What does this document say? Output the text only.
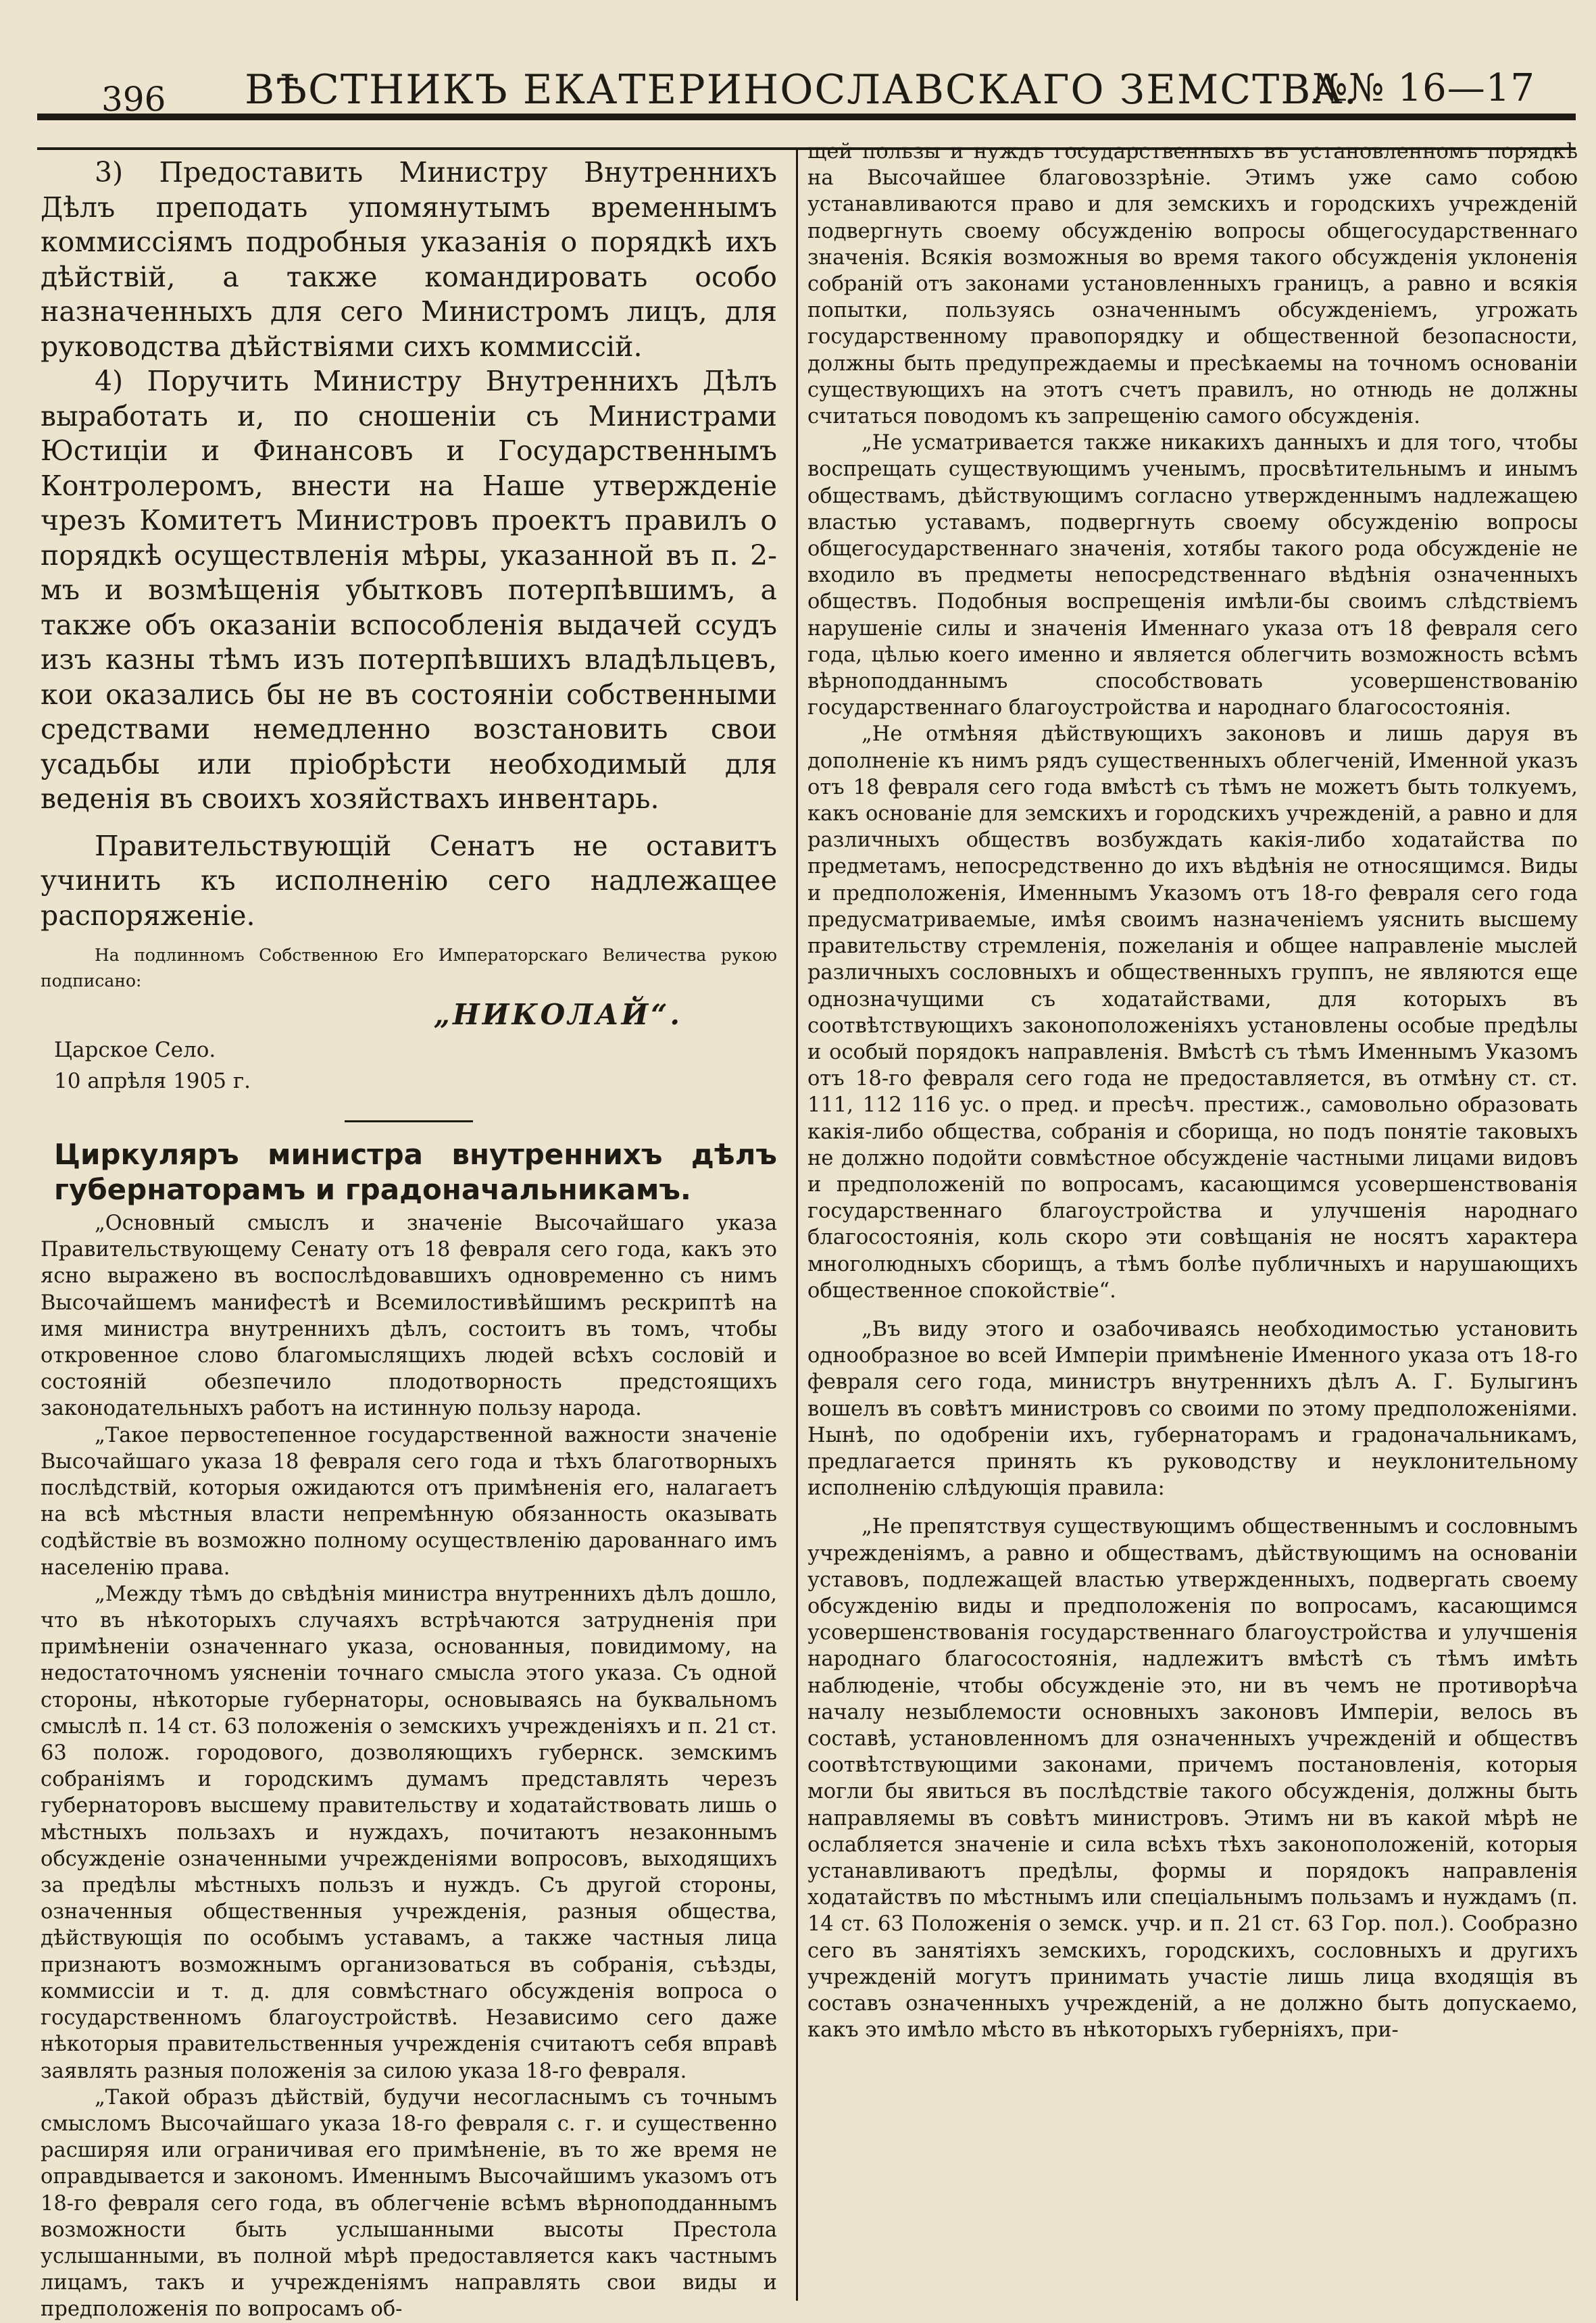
396	ВѢСТНИКЪ ЕКАТЕРИНОСЛАВСКАГО ЗЕМСТВА.
№№ 16—17

3) Предоставить Министру Внутреннихъ Дѣлъ преподать упомянутымъ временнымъ коммиссіямъ подробныя указанія о порядкѣ ихъ дѣйствій, а также командировать особо назначенныхъ для сего Министромъ лицъ, для руководства дѣйствіями сихъ коммиссій.

4) Поручить Министру Внутреннихъ Дѣлъ выработать и, по сношеніи съ Министрами Юстиціи и Финансовъ и Государственнымъ Контролеромъ, внести на Наше утвержденіе чрезъ Комитетъ Министровъ проектъ правилъ о порядкѣ осуществленія мѣры, указанной въ п. 2-мъ и возмѣщенія убытковъ потерпѣвшимъ, а также объ оказаніи вспособленія выдачей ссудъ изъ казны тѣмъ изъ потерпѣвшихъ владѣльцевъ, кои оказались бы не въ состояніи собственными средствами немедленно возстановить свои усадьбы или пріобрѣсти необходимый для веденія въ своихъ хозяйствахъ инвентарь.

Правительствующій Сенатъ не оставитъ учинить къ исполненію сего надлежащее распоряженіе.

На подлинномъ Собственною Его Императорскаго Величества рукою подписано:

„НИКОЛАЙ“.

Царское Село.

10 апрѣля 1905 г.

Циркуляръ министра внутреннихъ дѣлъ губернаторамъ и градоначальникамъ.

„Основный смыслъ и значеніе Высочайшаго указа Правительствующему Сенату отъ 18 февраля сего года, какъ это ясно выражено въ воспослѣдовавшихъ одновременно съ нимъ Высочайшемъ манифестѣ и Всемилостивѣйшимъ рескриптѣ на имя министра внутреннихъ дѣлъ, состоитъ въ томъ, чтобы откровенное слово благомыслящихъ людей всѣхъ сословій и состояній обезпечило плодотворность предстоящихъ законодательныхъ работъ на истинную пользу народа.

„Такое первостепенное государственной важности значеніе Высочайшаго указа 18 февраля сего года и тѣхъ благотворныхъ послѣдствій, которыя ожидаются отъ примѣненія его, налагаетъ на всѣ мѣстныя власти непремѣнную обязанность оказывать содѣйствіе въ возможно полному осуществленію дарованнаго имъ населенію права.

„Между тѣмъ до свѣдѣнія министра внутреннихъ дѣлъ дошло, что въ нѣкоторыхъ случаяхъ встрѣчаются затрудненія при примѣненіи означеннаго указа, основанныя, повидимому, на недостаточномъ уясненіи точнаго смысла этого указа. Съ одной стороны, нѣкоторые губернаторы, основываясь на буквальномъ смыслѣ п. 14 ст. 63 положенія о земскихъ учрежденіяхъ и п. 21 ст. 63 полож. городового, дозволяющихъ губернск. земскимъ собраніямъ и городскимъ думамъ представлять черезъ губернаторовъ высшему правительству и ходатайствовать лишь о мѣстныхъ пользахъ и нуждахъ, почитаютъ незаконнымъ обсужденіе означенными учрежденіями вопросовъ, выходящихъ за предѣлы мѣстныхъ пользъ и нуждъ. Съ другой стороны, означенныя общественныя учрежденія, разныя общества, дѣйствующія по особымъ уставамъ, а также частныя лица признаютъ возможнымъ организоваться въ собранія, съѣзды, коммиссіи и т. д. для совмѣстнаго обсужденія вопроса о государственномъ благоустройствѣ. Независимо сего даже нѣкоторыя правительственныя учрежденія считаютъ себя вправѣ заявлять разныя положенія за силою указа 18-го февраля.

„Такой образъ дѣйствій, будучи несогласнымъ съ точнымъ смысломъ Высочайшаго указа 18-го февраля с. г. и существенно расширяя или ограничивая его примѣненіе, въ то же время не оправдывается и закономъ. Именнымъ Высочайшимъ указомъ отъ 18-го февраля сего года, въ облегченіе всѣмъ вѣрноподданнымъ возможности быть услышанными высоты Престола услышанными, въ полной мѣрѣ предоставляется какъ частнымъ лицамъ, такъ и учрежденіямъ направлять свои виды и предположенія по вопросамъ об-

щей пользы и нуждъ государственныхъ въ установленномъ порядкѣ на Высочайшее благовоззрѣніе. Этимъ уже само собою устанавливаются право и для земскихъ и городскихъ учрежденій подвергнуть своему обсужденію вопросы общегосударственнаго значенія. Всякія возможныя во время такого обсужденія уклоненія собраній отъ законами установленныхъ границъ, а равно и всякія попытки, пользуясь означеннымъ обсужденіемъ, угрожать государственному правопорядку и общественной безопасности, должны быть предупреждаемы и пресѣкаемы на точномъ основаніи существующихъ на этотъ счетъ правилъ, но отнюдь не должны считаться поводомъ къ запрещенію самого обсужденія.

„Не усматривается также никакихъ данныхъ и для того, чтобы воспрещать существующимъ ученымъ, просвѣтительнымъ и инымъ обществамъ, дѣйствующимъ согласно утвержденнымъ надлежащею властью уставамъ, подвергнуть своему обсужденію вопросы общегосударственнаго значенія, хотябы такого рода обсужденіе не входило въ предметы непосредственнаго вѣдѣнія означенныхъ обществъ. Подобныя воспрещенія имѣли-бы своимъ слѣдствіемъ нарушеніе силы и значенія Именнаго указа отъ 18 февраля сего года, цѣлью коего именно и является облегчить возможность всѣмъ вѣрноподданнымъ способствовать усовершенствованію государственнаго благоустройства и народнаго благосостоянія.

„Не отмѣняя дѣйствующихъ законовъ и лишь даруя въ дополненіе къ нимъ рядъ существенныхъ облегченій, Именной указъ отъ 18 февраля сего года вмѣстѣ съ тѣмъ не можетъ быть толкуемъ, какъ основаніе для земскихъ и городскихъ учрежденій, а равно и для различныхъ обществъ возбуждать какія-либо ходатайства по предметамъ, непосредственно до ихъ вѣдѣнія не относящимся. Виды и предположенія, Именнымъ Указомъ отъ 18-го февраля сего года предусматриваемые, имѣя своимъ назначеніемъ уяснить высшему правительству стремленія, пожеланія и общее направленіе мыслей различныхъ сословныхъ и общественныхъ группъ, не являются еще однозначущими съ ходатайствами, для которыхъ въ соотвѣтствующихъ законоположеніяхъ установлены особые предѣлы и особый порядокъ направленія. Вмѣстѣ съ тѣмъ Именнымъ Указомъ отъ 18-го февраля сего года не предоставляется, въ отмѣну ст. ст. 111, 112 116 ус. о пред. и пресѣч. престиж., самовольно образовать какія-либо общества, собранія и сборища, но подъ понятіе таковыхъ не должно подойти совмѣстное обсужденіе частными лицами видовъ и предположеній по вопросамъ, касающимся усовершенствованія государственнаго благоустройства и улучшенія народнаго благосостоянія, коль скоро эти совѣщанія не носятъ характера многолюдныхъ сборищъ, а тѣмъ болѣе публичныхъ и нарушающихъ общественное спокойствіе“.

„Въ виду этого и озабочиваясь необходимостью установить однообразное во всей Имперіи примѣненіе Именного указа отъ 18-го февраля сего года, министръ внутреннихъ дѣлъ А. Г. Булыгинъ вошелъ въ совѣтъ министровъ со своими по этому предположеніями. Нынѣ, по одобреніи ихъ, губернаторамъ и градоначальникамъ, предлагается принять къ руководству и неуклонительному исполненію слѣдующія правила:

„Не препятствуя существующимъ общественнымъ и сословнымъ учрежденіямъ, а равно и обществамъ, дѣйствующимъ на основаніи уставовъ, подлежащей властью утвержденныхъ, подвергать своему обсужденію виды и предположенія по вопросамъ, касающимся усовершенствованія государственнаго благоустройства и улучшенія народнаго благосостоянія, надлежитъ вмѣстѣ съ тѣмъ имѣть наблюденіе, чтобы обсужденіе это, ни въ чемъ не противорѣча началу незыблемости основныхъ законовъ Имперіи, велось въ составѣ, установленномъ для означенныхъ учрежденій и обществъ соотвѣтствующими законами, причемъ постановленія, которыя могли бы явиться въ послѣдствіе такого обсужденія, должны быть направляемы въ совѣтъ министровъ. Этимъ ни въ какой мѣрѣ не ослабляется значеніе и сила всѣхъ тѣхъ законоположеній, которыя устанавливаютъ предѣлы, формы и порядокъ направленія ходатайствъ по мѣстнымъ или спеціальнымъ пользамъ и нуждамъ (п. 14 ст. 63 Положенія о земск. учр. и п. 21 ст. 63 Гор. пол.). Сообразно сего въ занятіяхъ земскихъ, городскихъ, сословныхъ и другихъ учрежденій могутъ принимать участіе лишь лица входящія въ составъ означенныхъ учрежденій, а не должно быть допускаемо, какъ это имѣло мѣсто въ нѣкоторыхъ губерніяхъ, при-
